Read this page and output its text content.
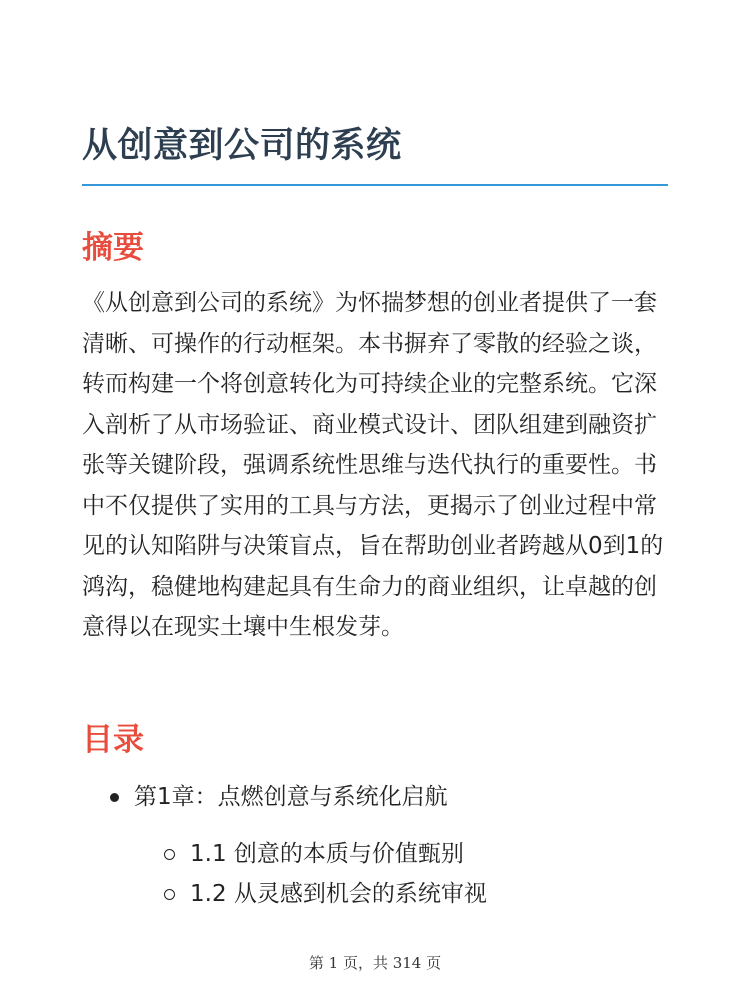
从创意到公司的系统
摘要

《从创意到公司的系统》为怀揣梦想的创业者提供了一套清晰、可操作的行动框架。本书摒弃了零散的经验之谈，转而构建一个将创意转化为可持续企业的完整系统。它深入剖析了从市场验证、商业模式设计、团队组建到融资扩张等关键阶段，强调系统性思维与迭代执行的重要性。书中不仅提供了实用的工具与方法，更揭示了创业过程中常见的认知陷阱与决策盲点，旨在帮助创业者跨越从0到1的鸿沟，稳健地构建起具有生命力的商业组织，让卓越的创意得以在现实土壤中生根发芽。

目录
第1章：点燃创意与系统化启航
1.1 创意的本质与价值甄别
1.2 从灵感到机会的系统审视
第 1 页，共 314 页
